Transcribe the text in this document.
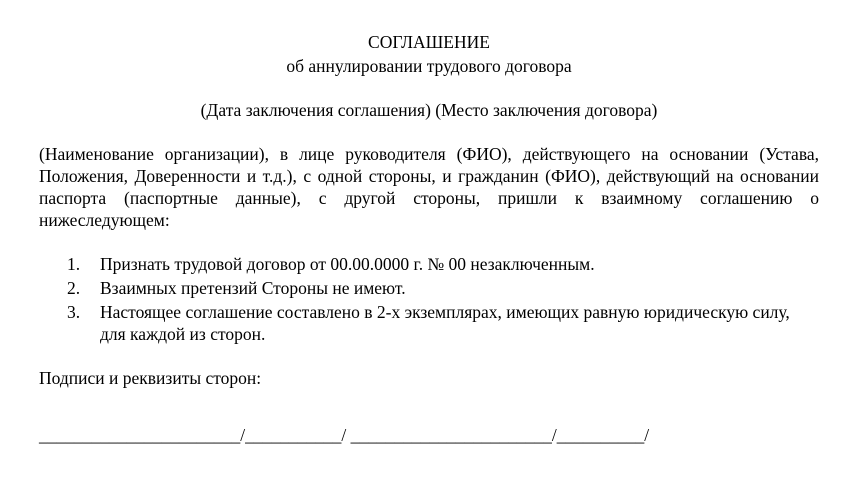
СОГЛАШЕНИЕ

об аннулировании трудового договора

(Дата заключения соглашения) (Место заключения договора)

(Наименование организации), в лице руководителя (ФИО), действующего на основании (Устава, Положения, Доверенности и т.д.), с одной стороны, и гражданин (ФИО), действующий на основании паспорта (паспортные данные), с другой стороны, пришли к взаимному соглашению о нижеследующем:

1. Признать трудовой договор от 00.00.0000 г. № 00 незаключенным.
2. Взаимных претензий Стороны не имеют.
3. Настоящее соглашение составлено в 2-х экземплярах, имеющих равную юридическую силу, для каждой из сторон.

Подписи и реквизиты сторон:

_______________________/___________/ _______________________/__________/
